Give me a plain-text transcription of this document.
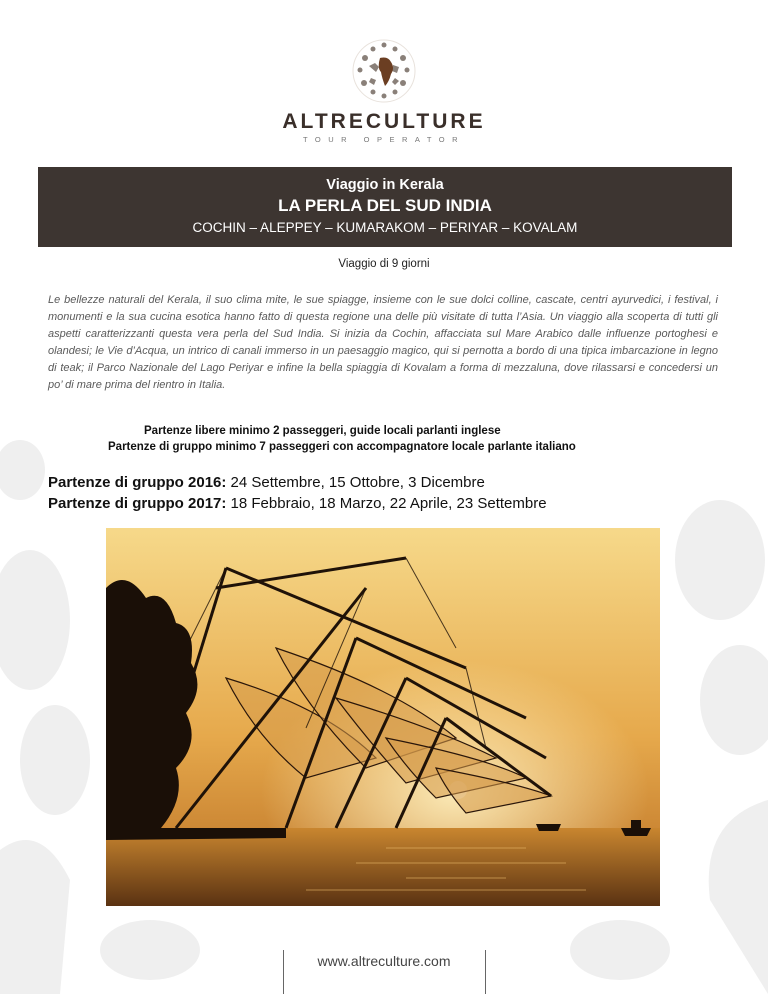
ALTRECULTURE
TOUR OPERATOR
Viaggio in Kerala
LA PERLA DEL SUD INDIA
COCHIN – ALEPPEY – KUMARAKOM – PERIYAR – KOVALAM
Viaggio di 9 giorni

Le bellezze naturali del Kerala, il suo clima mite, le sue spiagge, insieme con le sue dolci colline, cascate, centri ayurvedici, i festival, i monumenti e la sua cucina esotica hanno fatto di questa regione una delle più visitate di tutta l’Asia. Un viaggio alla scoperta di tutti gli aspetti caratterizzanti questa vera perla del Sud India. Si inizia da Cochin, affacciata sul Mare Arabico dalle influenze portoghesi e olandesi; le Vie d’Acqua, un intrico di canali immerso in un paesaggio magico, qui si pernotta a bordo di una tipica imbarcazione in legno di teak; il Parco Nazionale del Lago Periyar e infine la bella spiaggia di Kovalam a forma di mezzaluna, dove rilassarsi e concedersi un po’ di mare prima del rientro in Italia.

Partenze libere minimo 2 passeggeri, guide locali parlanti inglese
Partenze di gruppo minimo 7 passeggeri con accompagnatore locale parlante italiano
Partenze di gruppo 2016: 24 Settembre, 15 Ottobre, 3 Dicembre
Partenze di gruppo 2017: 18 Febbraio, 18 Marzo, 22 Aprile, 23 Settembre
www.altreculture.com
